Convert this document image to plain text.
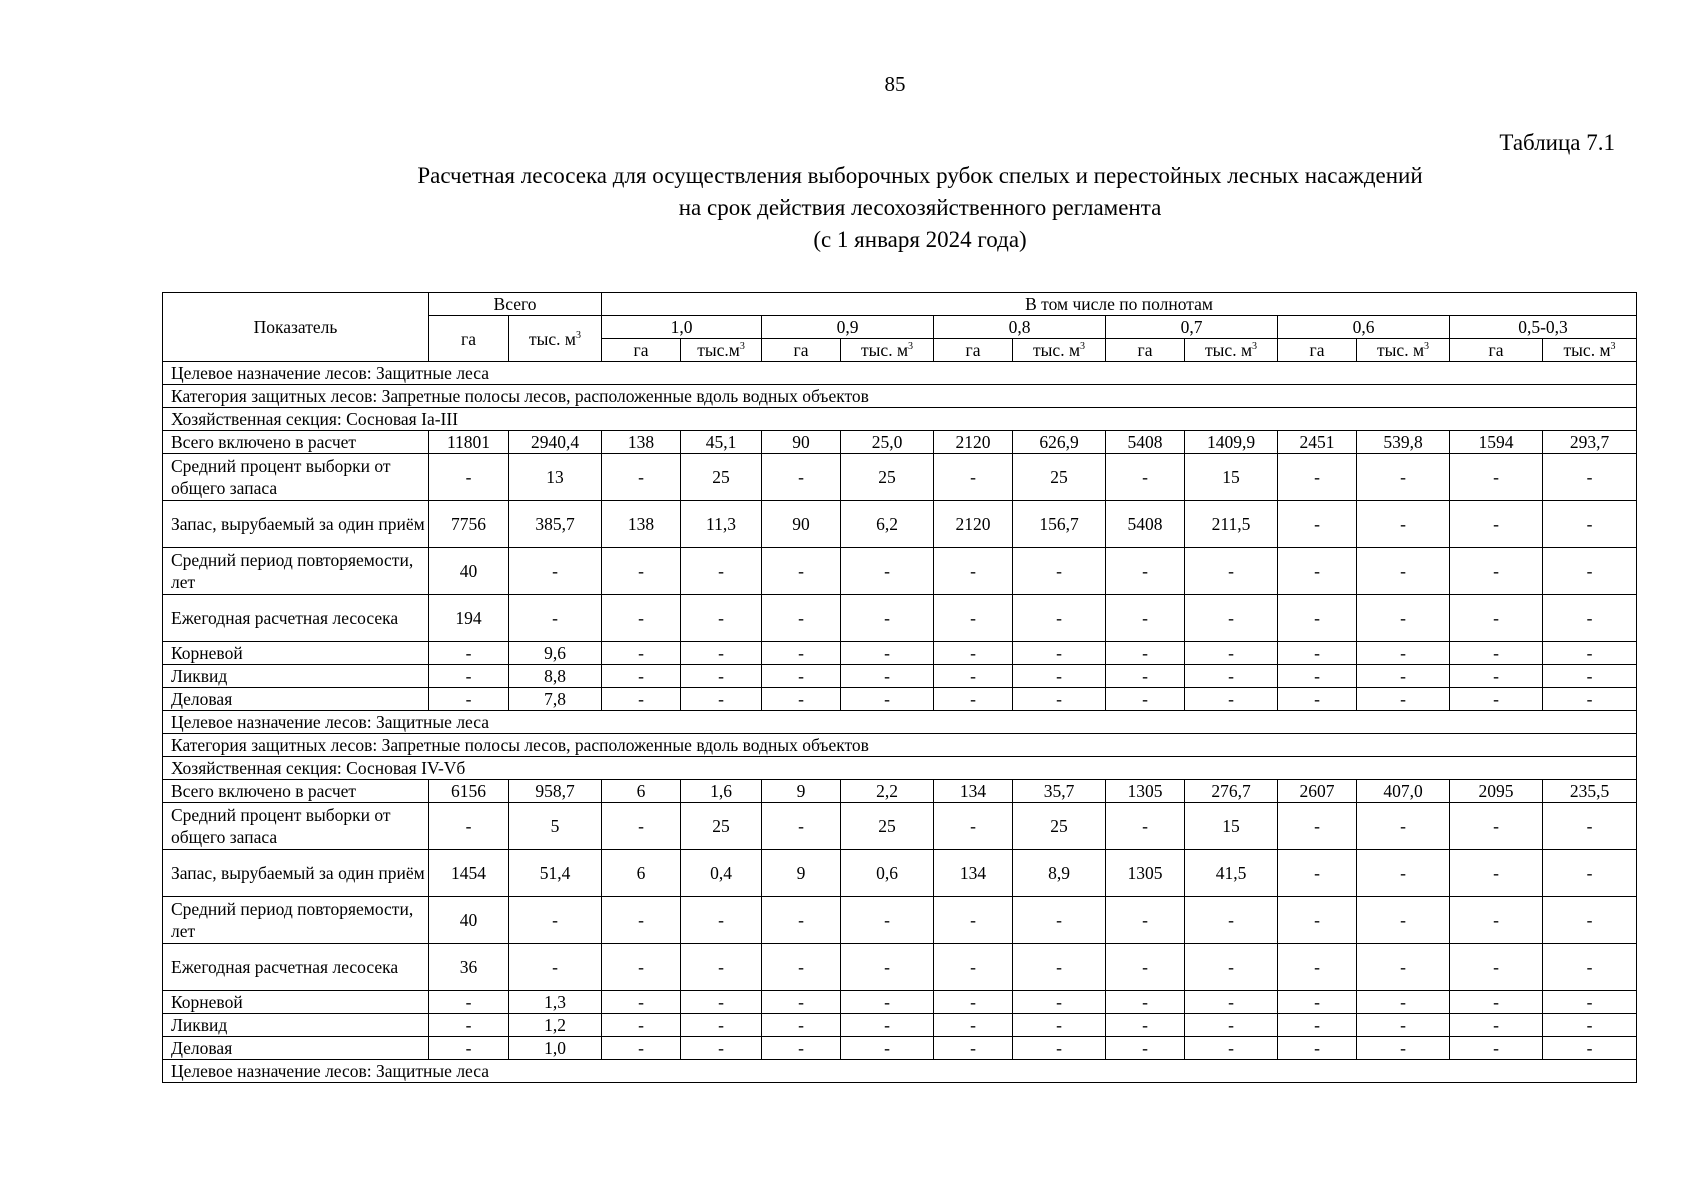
85
Таблица 7.1
Расчетная лесосека для осуществления выборочных рубок спелых и перестойных лесных насаждений
на срок действия лесохозяйственного регламента
(с 1 января 2024 года)
Показатель	Всего		В том числе по полнотам											
	га	тыс. $м^3$	1,0		0,9		0,8		0,7		0,6		0,5-0,3	
			га	$тыс.м^3$	га	тыс. $м^3$	га	тыс. $м^3$	га	тыс. $м^3$	га	тыс. $м^3$	га	тыс. $м^3$
Целевое назначение лесов: Защитные леса														
Категория защитных лесов: Запретные полосы лесов, расположенные вдоль водных объектов														
Хозяйственная секция: Сосновая Ia-III														
Всего включено в расчет	11801	2940,4	138	45,1	90	25,0	2120	626,9	5408	1409,9	2451	539,8	1594	293,7
Средний процент выборки от общего запаса	-	13	-	25	-	25	-	25	-	15	-	-	-	-
Запас, вырубаемый за один приём	7756	385,7	138	11,3	90	6,2	2120	156,7	5408	211,5	-	-	-	-
Средний период повторяемости, лет	40	-	-	-	-	-	-	-	-	-	-	-	-	-
Ежегодная расчетная лесосека	194	-	-	-	-	-	-	-	-	-	-	-	-	-
Корневой	-	9,6	-	-	-	-	-	-	-	-	-	-	-	-
Ликвид	-	8,8	-	-	-	-	-	-	-	-	-	-	-	-
Деловая	-	7,8	-	-	-	-	-	-	-	-	-	-	-	-
Целевое назначение лесов: Защитные леса														
Категория защитных лесов: Запретные полосы лесов, расположенные вдоль водных объектов														
Хозяйственная секция: Сосновая IV-Vб														
Всего включено в расчет	6156	958,7	6	1,6	9	2,2	134	35,7	1305	276,7	2607	407,0	2095	235,5
Средний процент выборки от общего запаса	-	5	-	25	-	25	-	25	-	15	-	-	-	-
Запас, вырубаемый за один приём	1454	51,4	6	0,4	9	0,6	134	8,9	1305	41,5	-	-	-	-
Средний период повторяемости, лет	40	-	-	-	-	-	-	-	-	-	-	-	-	-
Ежегодная расчетная лесосека	36	-	-	-	-	-	-	-	-	-	-	-	-	-
Корневой	-	1,3	-	-	-	-	-	-	-	-	-	-	-	-
Ликвид	-	1,2	-	-	-	-	-	-	-	-	-	-	-	-
Деловая	-	1,0	-	-	-	-	-	-	-	-	-	-	-	-
Целевое назначение лесов: Защитные леса														
